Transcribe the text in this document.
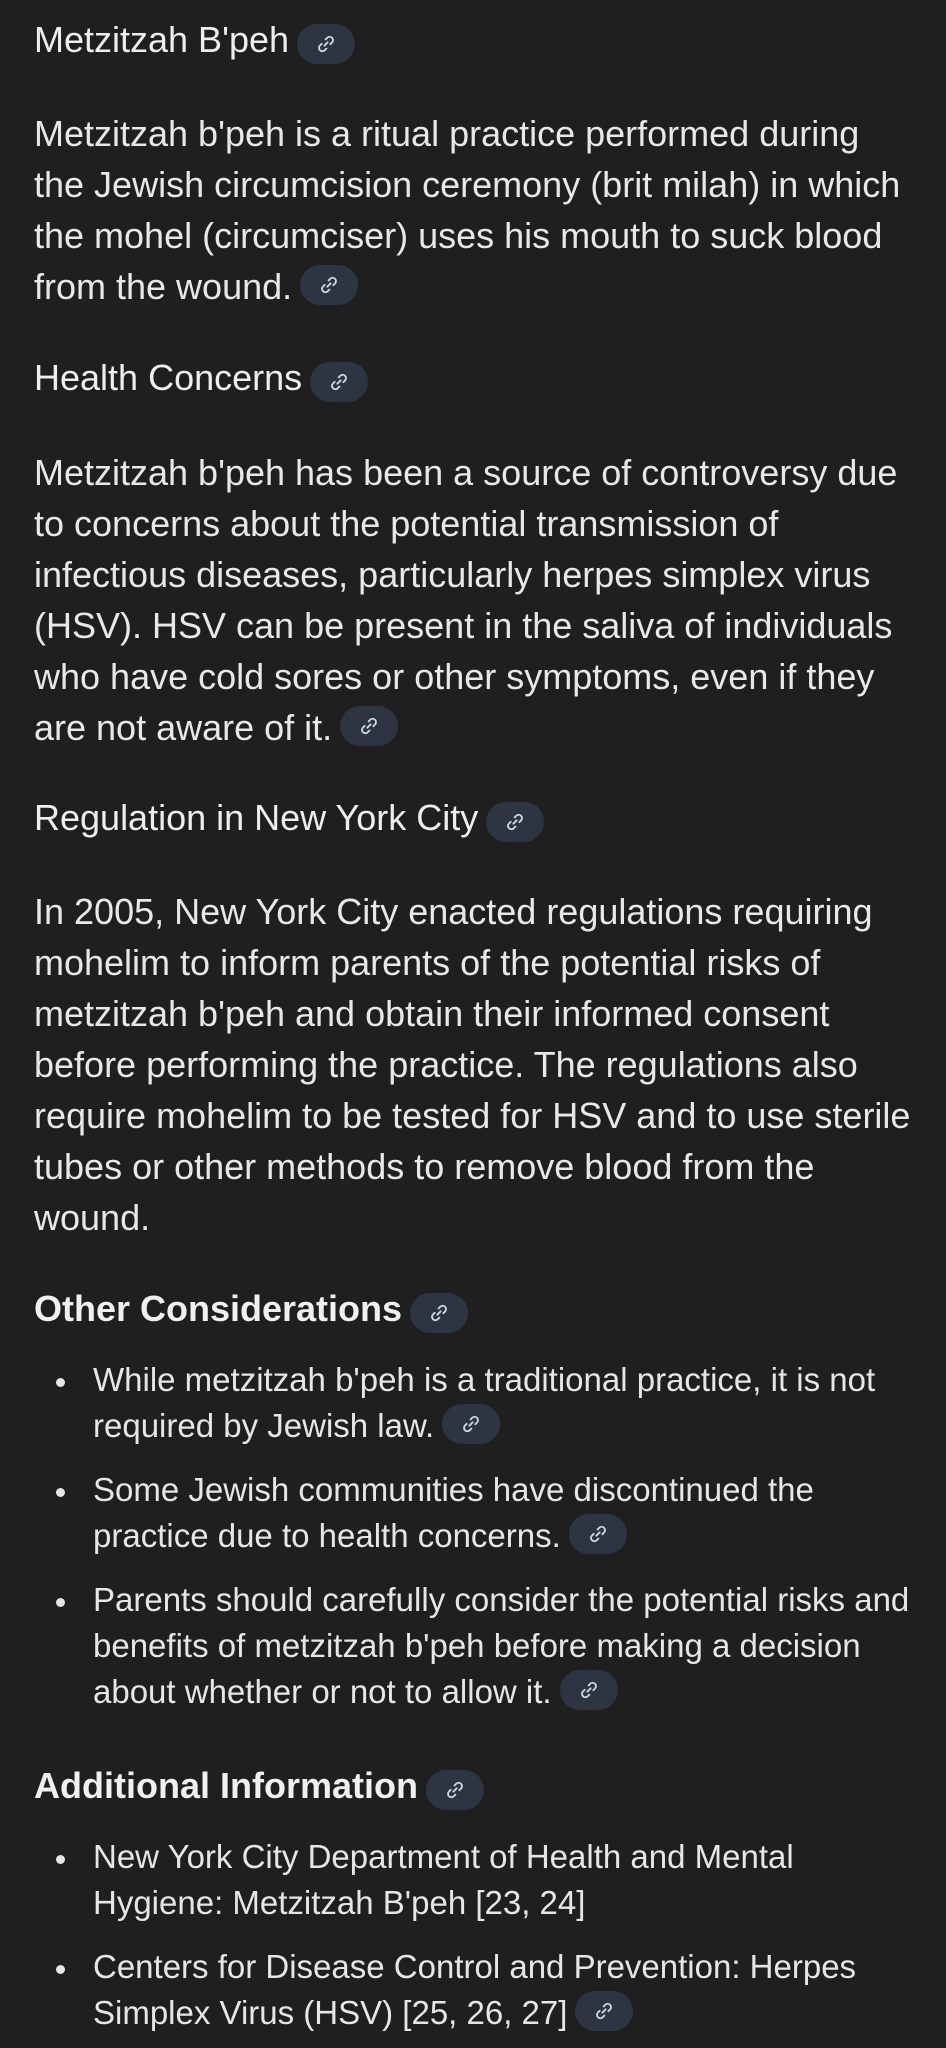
Metzitzah B'peh

Metzitzah b'peh is a ritual practice performed during the Jewish circumcision ceremony (brit milah) in which the mohel (circumciser) uses his mouth to suck blood from the wound.

Health Concerns

Metzitzah b'peh has been a source of controversy due to concerns about the potential transmission of infectious diseases, particularly herpes simplex virus (HSV). HSV can be present in the saliva of individuals who have cold sores or other symptoms, even if they are not aware of it.

Regulation in New York City

In 2005, New York City enacted regulations requiring mohelim to inform parents of the potential risks of metzitzah b'peh and obtain their informed consent before performing the practice. The regulations also require mohelim to be tested for HSV and to use sterile tubes or other methods to remove blood from the wound.

Other Considerations
While metzitzah b'peh is a traditional practice, it is not required by Jewish law.
Some Jewish communities have discontinued the practice due to health concerns.
Parents should carefully consider the potential risks and benefits of metzitzah b'peh before making a decision about whether or not to allow it.
Additional Information
New York City Department of Health and Mental Hygiene: Metzitzah B'peh [23, 24]
Centers for Disease Control and Prevention: Herpes Simplex Virus (HSV) [25, 26, 27]
